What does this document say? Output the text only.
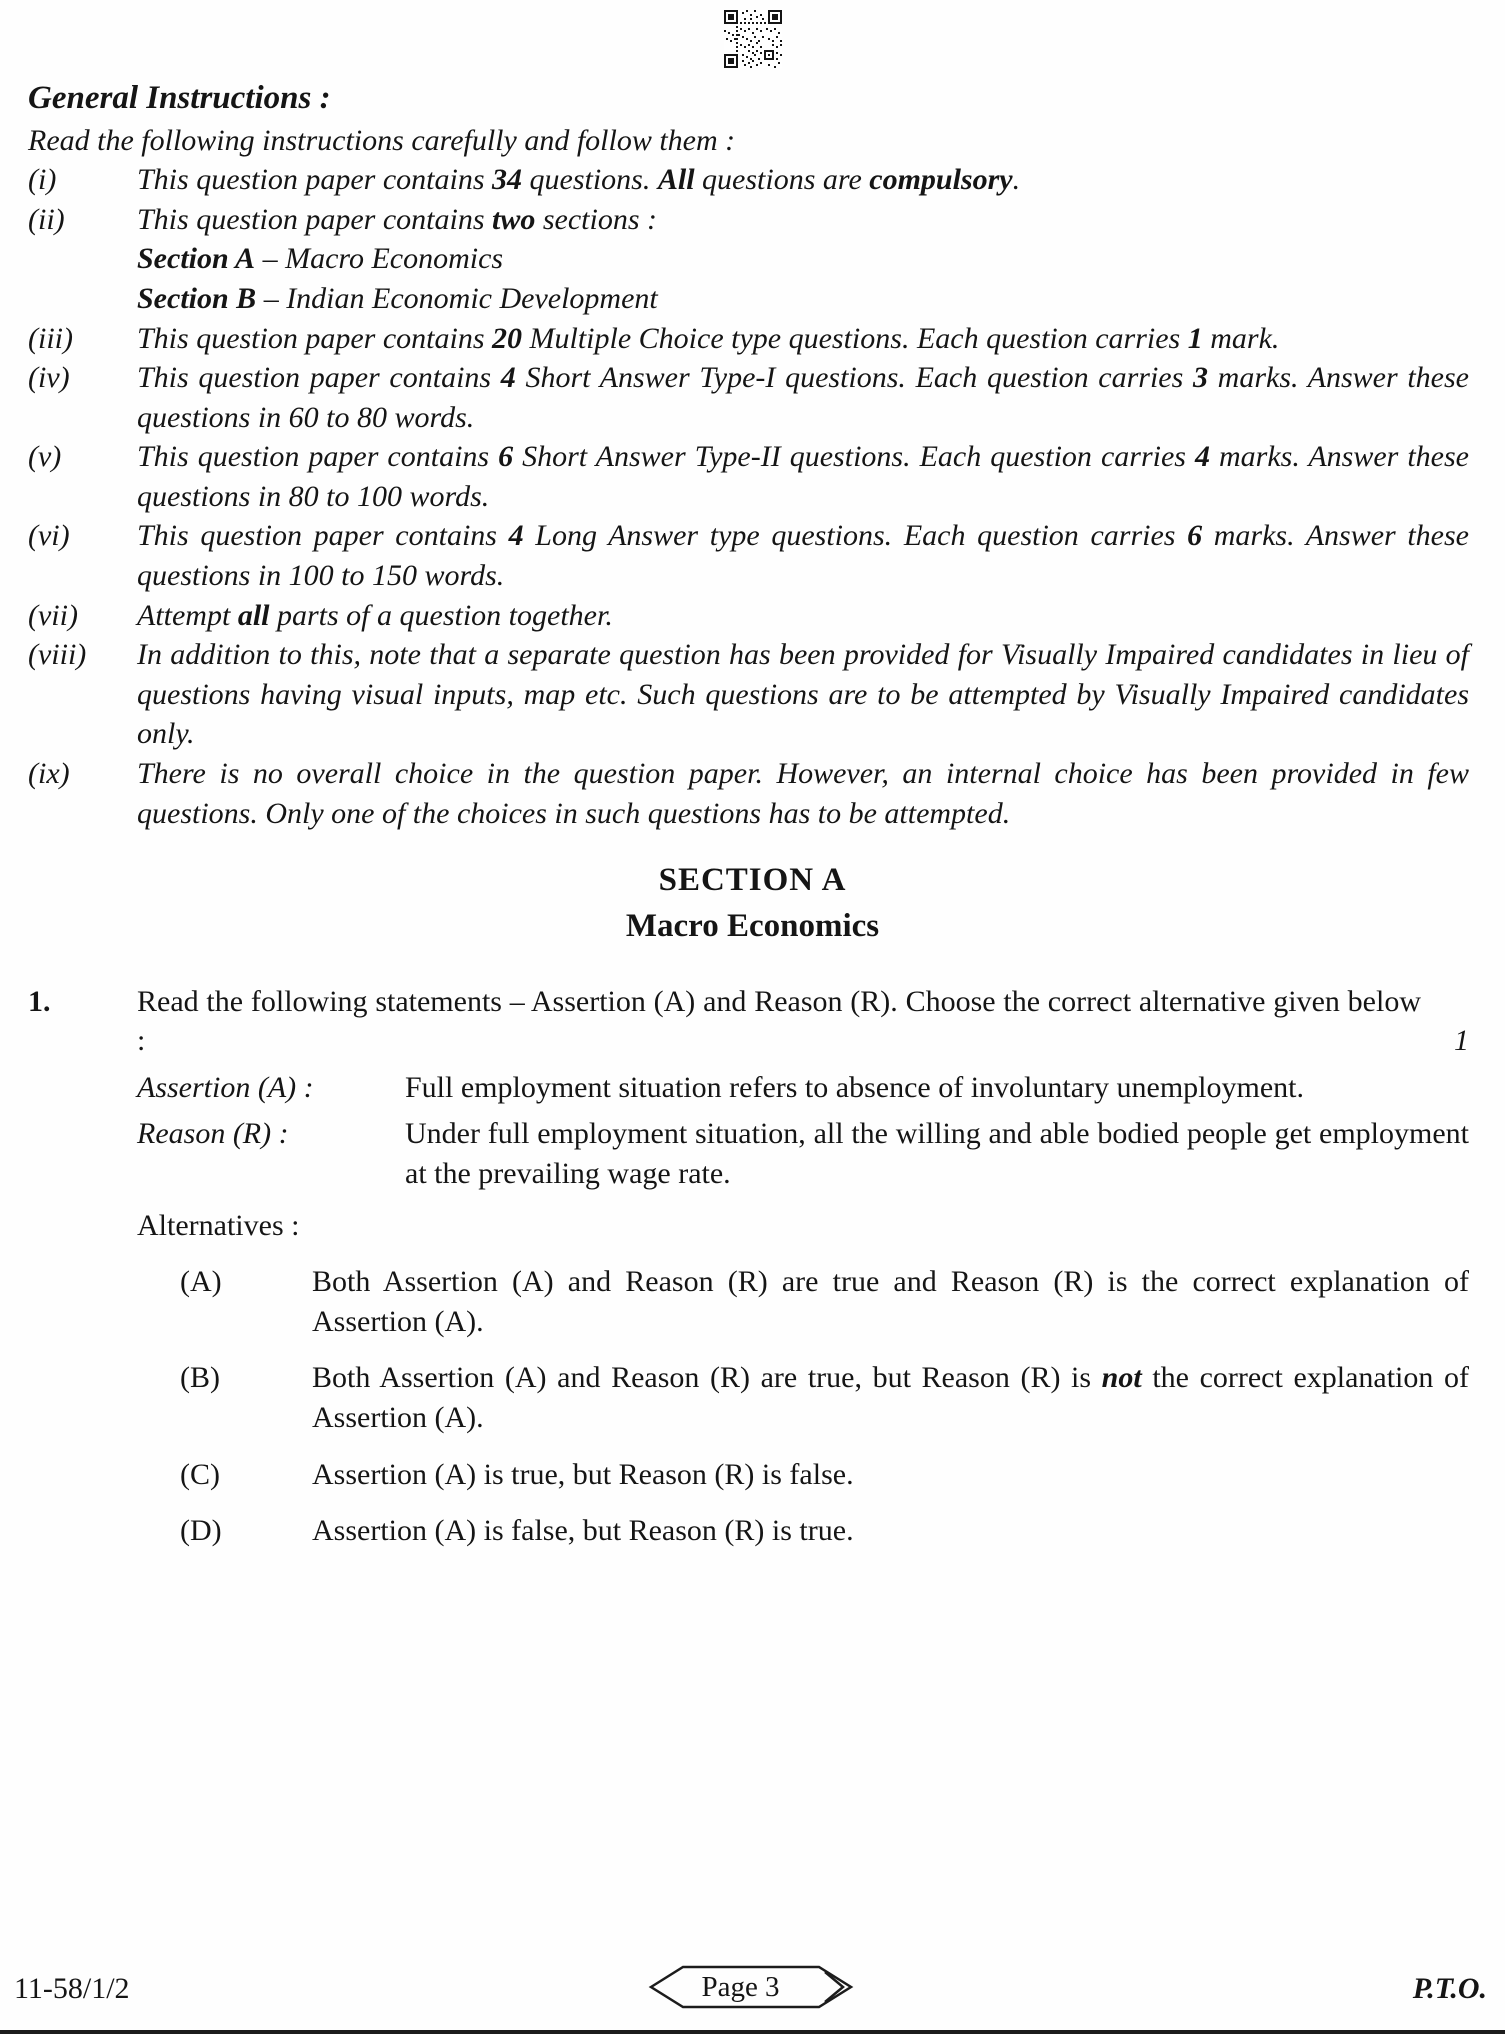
General Instructions :
Read the following instructions carefully and follow them :
(i)	This question paper contains 34 questions. All questions are compulsory.
(ii)	This question paper contains two sections :
Section A – Macro Economics
Section B – Indian Economic Development
(iii)	This question paper contains 20 Multiple Choice type questions. Each question carries 1 mark.
(iv)	This question paper contains 4 Short Answer Type-I questions. Each question carries 3 marks. Answer these questions in 60 to 80 words.
(v)	This question paper contains 6 Short Answer Type-II questions. Each question carries 4 marks. Answer these questions in 80 to 100 words.
(vi)	This question paper contains 4 Long Answer type questions. Each question carries 6 marks. Answer these questions in 100 to 150 words.
(vii)	Attempt all parts of a question together.
(viii)	In addition to this, note that a separate question has been provided for Visually Impaired candidates in lieu of questions having visual inputs, map etc. Such questions are to be attempted by Visually Impaired candidates only.
(ix)	There is no overall choice in the question paper. However, an internal choice has been provided in few questions. Only one of the choices in such questions has to be attempted.
SECTION A
Macro Economics
1.	Read the following statements – Assertion (A) and Reason (R). Choose the correct alternative given below :	1
Assertion (A) :	Full employment situation refers to absence of involuntary unemployment.
Reason (R) :	Under full employment situation, all the willing and able bodied people get employment at the prevailing wage rate.
Alternatives :
(A)	Both Assertion (A) and Reason (R) are true and Reason (R) is the correct explanation of Assertion (A).
(B)	Both Assertion (A) and Reason (R) are true, but Reason (R) is not the correct explanation of Assertion (A).
(C)	Assertion (A) is true, but Reason (R) is false.
(D)	Assertion (A) is false, but Reason (R) is true.
11-58/1/2	Page 3	P.T.O.
